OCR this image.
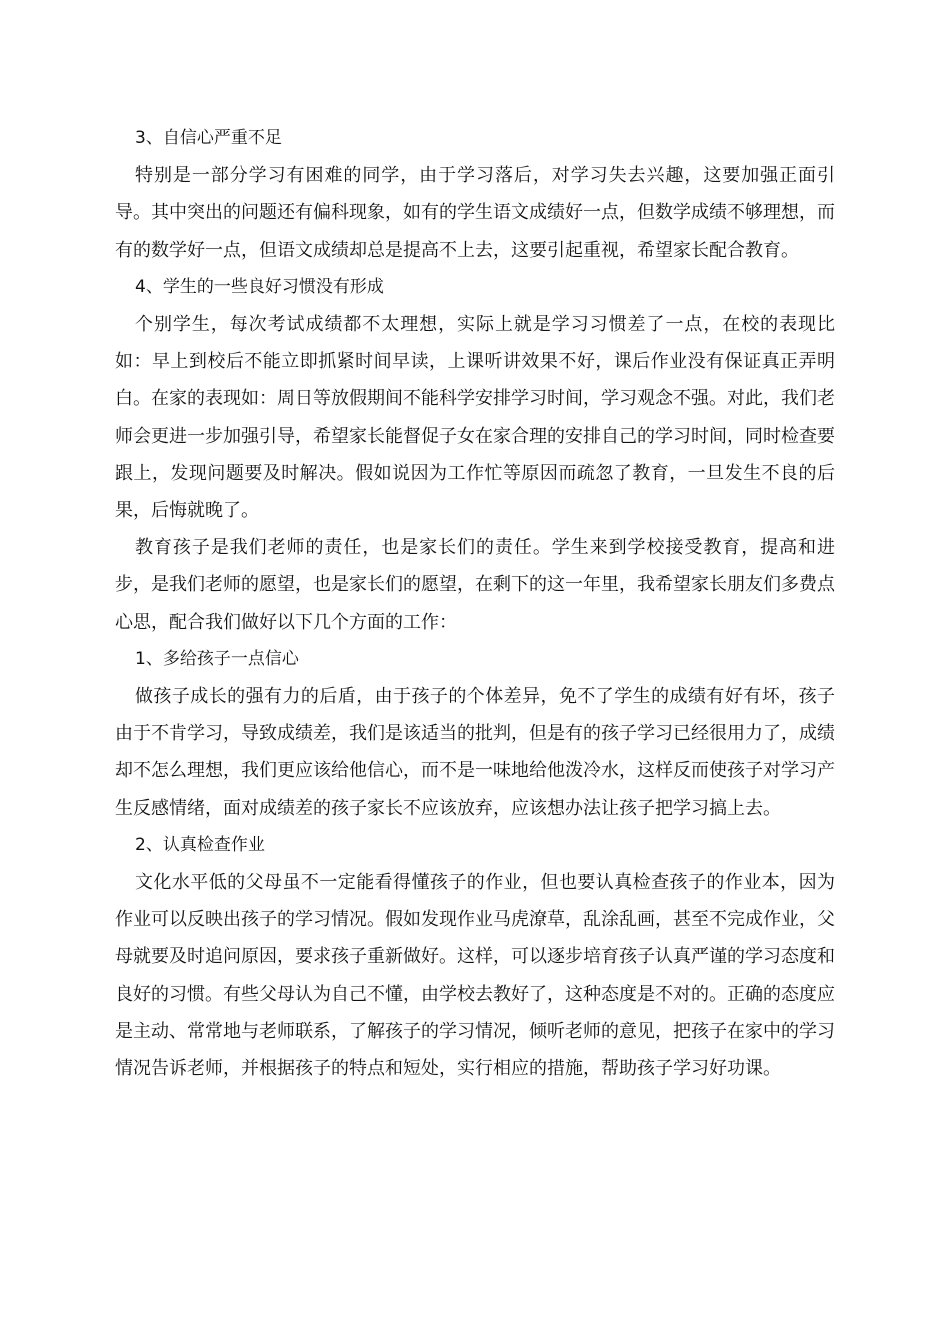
3、自信心严重不足

特别是一部分学习有困难的同学，由于学习落后，对学习失去兴趣，这要加强正面引导。其中突出的问题还有偏科现象，如有的学生语文成绩好一点，但数学成绩不够理想，而有的数学好一点，但语文成绩却总是提高不上去，这要引起重视，希望家长配合教育。

4、学生的一些良好习惯没有形成

个别学生，每次考试成绩都不太理想，实际上就是学习习惯差了一点，在校的表现比如：早上到校后不能立即抓紧时间早读，上课听讲效果不好，课后作业没有保证真正弄明白。在家的表现如：周日等放假期间不能科学安排学习时间，学习观念不强。对此，我们老师会更进一步加强引导，希望家长能督促子女在家合理的安排自己的学习时间，同时检查要跟上，发现问题要及时解决。假如说因为工作忙等原因而疏忽了教育，一旦发生不良的后果，后悔就晚了。

教育孩子是我们老师的责任，也是家长们的责任。学生来到学校接受教育，提高和进步，是我们老师的愿望，也是家长们的愿望，在剩下的这一年里，我希望家长朋友们多费点心思，配合我们做好以下几个方面的工作：

1、多给孩子一点信心

做孩子成长的强有力的后盾，由于孩子的个体差异，免不了学生的成绩有好有坏，孩子由于不肯学习，导致成绩差，我们是该适当的批判，但是有的孩子学习已经很用力了，成绩却不怎么理想，我们更应该给他信心，而不是一味地给他泼冷水，这样反而使孩子对学习产生反感情绪，面对成绩差的孩子家长不应该放弃，应该想办法让孩子把学习搞上去。

2、认真检查作业

文化水平低的父母虽不一定能看得懂孩子的作业，但也要认真检查孩子的作业本，因为作业可以反映出孩子的学习情况。假如发现作业马虎潦草，乱涂乱画，甚至不完成作业，父母就要及时追问原因，要求孩子重新做好。这样，可以逐步培育孩子认真严谨的学习态度和良好的习惯。有些父母认为自己不懂，由学校去教好了，这种态度是不对的。正确的态度应是主动、常常地与老师联系，了解孩子的学习情况，倾听老师的意见，把孩子在家中的学习情况告诉老师，并根据孩子的特点和短处，实行相应的措施，帮助孩子学习好功课。
